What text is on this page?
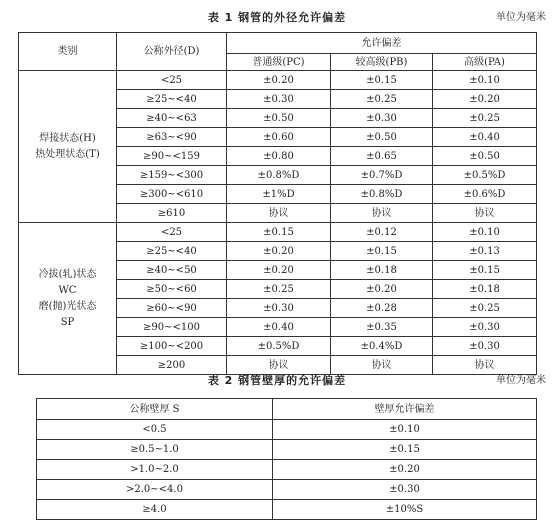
表 1 钢管的外径允许偏差	单位为毫米
类别	公称外径(D)	允许偏差		
		普通级(PC)	较高级(PB)	高级(PA)

焊接状态(H)
热处理状态(T)	<25	±0.20	±0.15	±0.10
	≥25~<40	±0.30	±0.25	±0.20
	≥40~<63	±0.50	±0.30	±0.25
	≥63~<90	±0.60	±0.50	±0.40
	≥90~<159	±0.80	±0.65	±0.50
	≥159~<300	±0.8%D	±0.7%D	±0.5%D
	≥300~<610	±1%D	±0.8%D	±0.6%D
	≥610	协议	协议	协议

冷拔(轧)状态
WC
磨(抛)光状态
SP	<25	±0.15	±0.12	±0.10
	≥25~<40	±0.20	±0.15	±0.13
	≥40~<50	±0.20	±0.18	±0.15
	≥50~<60	±0.25	±0.20	±0.18
	≥60~<90	±0.30	±0.28	±0.25
	≥90~<100	±0.40	±0.35	±0.30
	≥100~<200	±0.5%D	±0.4%D	±0.30
	≥200	协议	协议	协议
表 2 钢管壁厚的允许偏差	单位为毫米
公称壁厚 S	壁厚允许偏差
<0.5	±0.10
≥0.5~1.0	±0.15
>1.0~2.0	±0.20
>2.0~<4.0	±0.30
≥4.0	±10%S
